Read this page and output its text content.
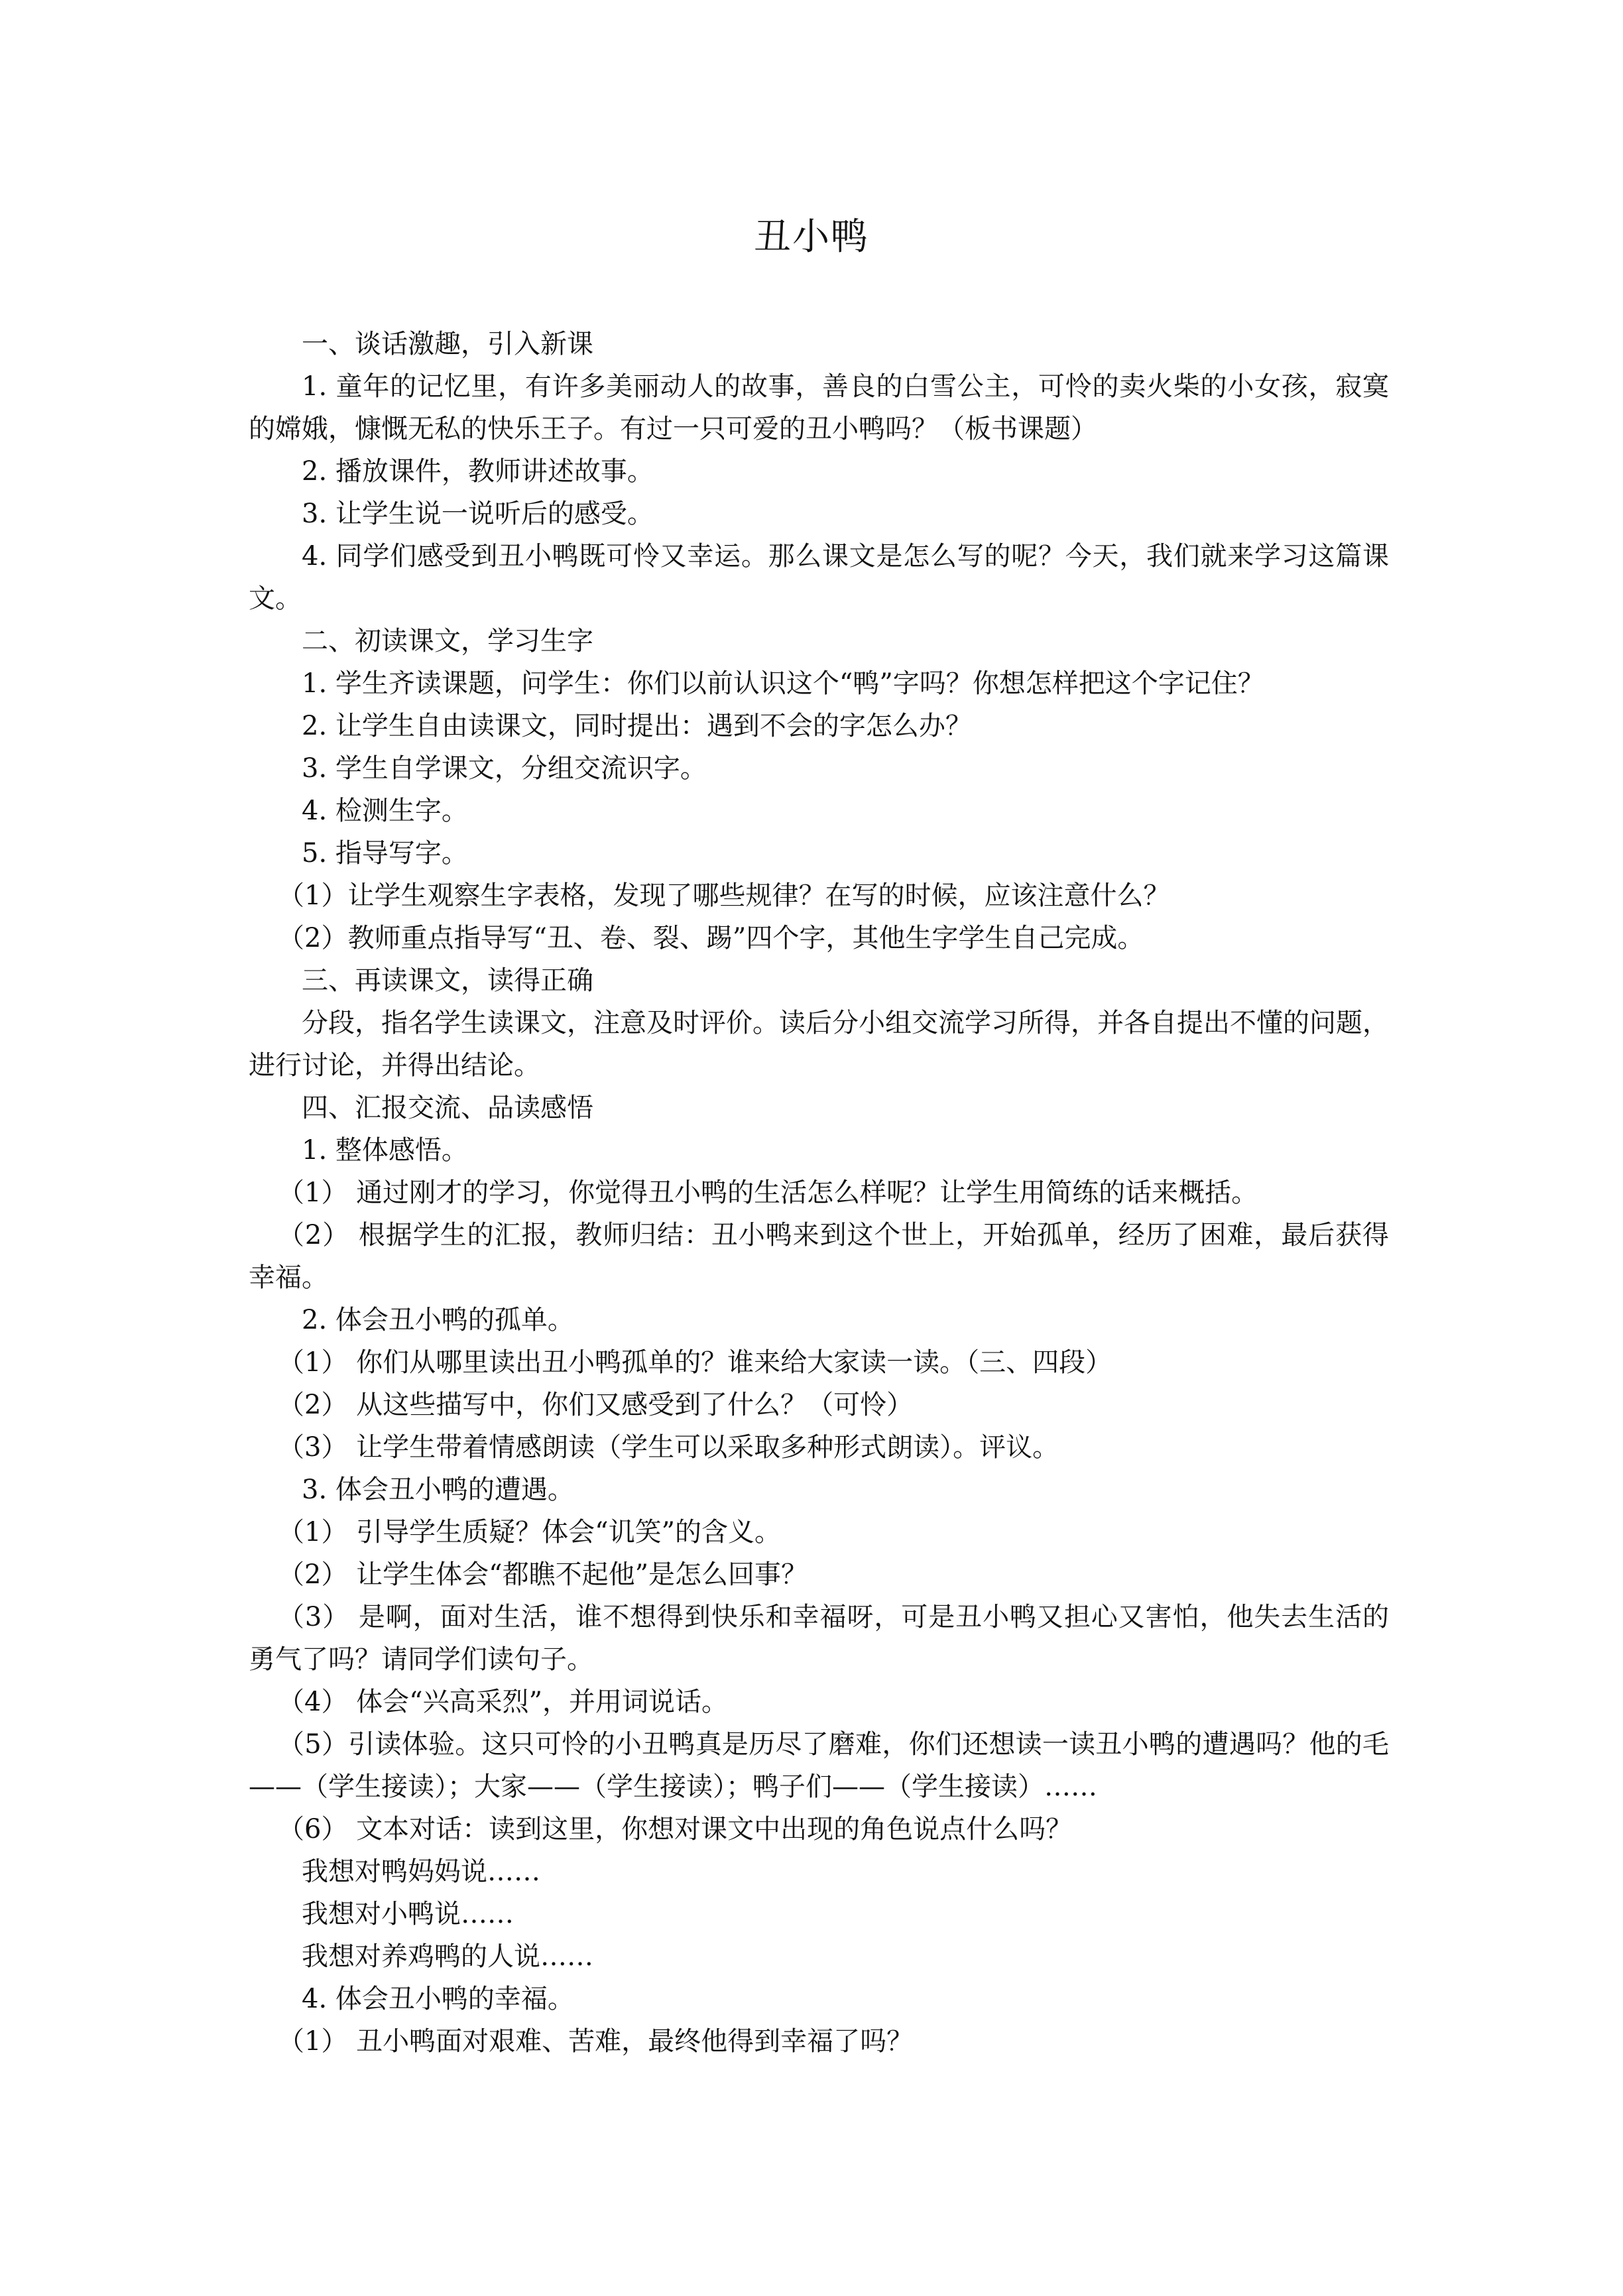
丑小鸭

一、谈话激趣，引入新课

1. 童年的记忆里，有许多美丽动人的故事，善良的白雪公主，可怜的卖火柴的小女孩，寂寞的嫦娥，慷慨无私的快乐王子。有过一只可爱的丑小鸭吗？（板书课题）

2. 播放课件，教师讲述故事。

3. 让学生说一说听后的感受。

4. 同学们感受到丑小鸭既可怜又幸运。那么课文是怎么写的呢？今天，我们就来学习这篇课文。

二、初读课文，学习生字

1. 学生齐读课题，问学生：你们以前认识这个“鸭”字吗？你想怎样把这个字记住？

2. 让学生自由读课文，同时提出：遇到不会的字怎么办？

3. 学生自学课文，分组交流识字。

4. 检测生字。

5. 指导写字。

（1）让学生观察生字表格，发现了哪些规律？在写的时候，应该注意什么？

（2）教师重点指导写“丑、卷、裂、踢”四个字，其他生字学生自己完成。

三、再读课文，读得正确

分段，指名学生读课文，注意及时评价。读后分小组交流学习所得，并各自提出不懂的问题，进行讨论，并得出结论。

四、汇报交流、品读感悟

1. 整体感悟。

（1） 通过刚才的学习，你觉得丑小鸭的生活怎么样呢？让学生用简练的话来概括。

（2） 根据学生的汇报，教师归结：丑小鸭来到这个世上，开始孤单，经历了困难，最后获得幸福。

2. 体会丑小鸭的孤单。

（1） 你们从哪里读出丑小鸭孤单的？谁来给大家读一读。（三、四段）

（2） 从这些描写中，你们又感受到了什么？（可怜）

（3） 让学生带着情感朗读（学生可以采取多种形式朗读）。评议。

3. 体会丑小鸭的遭遇。

（1） 引导学生质疑？体会“讥笑”的含义。

（2） 让学生体会“都瞧不起他”是怎么回事？

（3） 是啊，面对生活，谁不想得到快乐和幸福呀，可是丑小鸭又担心又害怕，他失去生活的勇气了吗？请同学们读句子。

（4） 体会“兴高采烈”，并用词说话。

（5）引读体验。这只可怜的小丑鸭真是历尽了磨难，你们还想读一读丑小鸭的遭遇吗？他的毛——（学生接读）；大家——（学生接读）；鸭子们——（学生接读）……

（6） 文本对话：读到这里，你想对课文中出现的角色说点什么吗？

我想对鸭妈妈说……

我想对小鸭说……

我想对养鸡鸭的人说……

4. 体会丑小鸭的幸福。

（1） 丑小鸭面对艰难、苦难，最终他得到幸福了吗？
